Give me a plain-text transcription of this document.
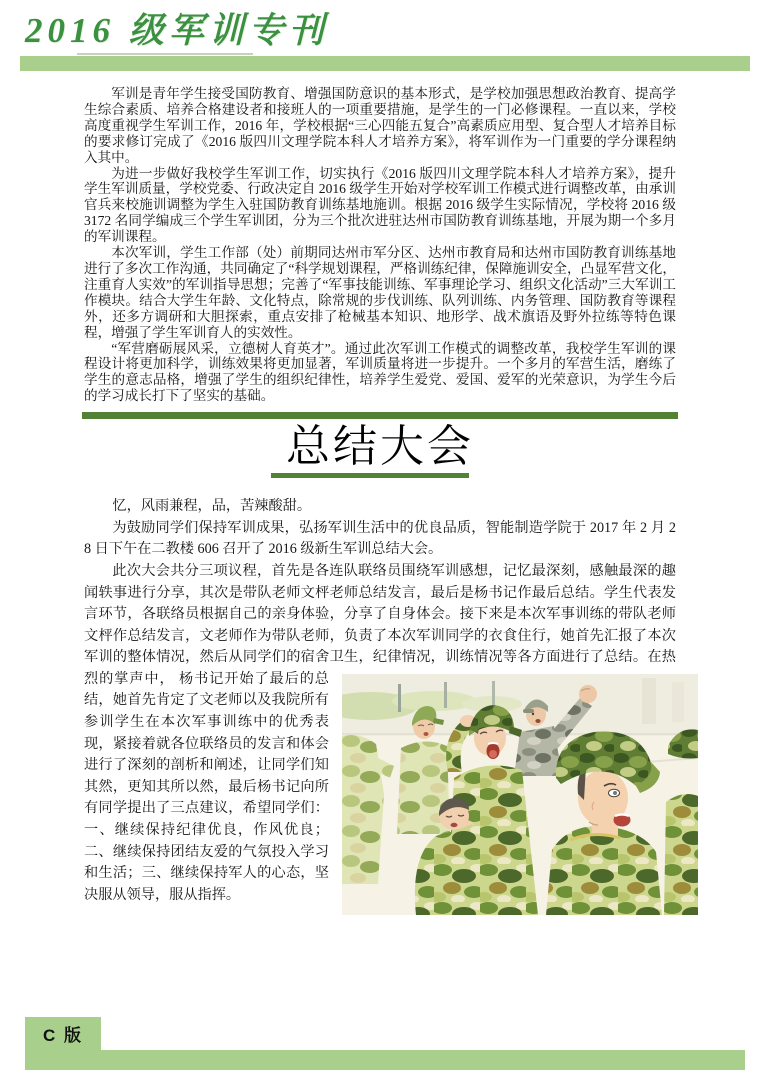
2016 级军训专刊

军训是青年学生接受国防教育、增强国防意识的基本形式，是学校加强思想政治教育、提高学生综合素质、培养合格建设者和接班人的一项重要措施，是学生的一门必修课程。一直以来，学校高度重视学生军训工作，2016 年，学校根据“三心四能五复合”高素质应用型、复合型人才培养目标的要求修订完成了《2016 版四川文理学院本科人才培养方案》，将军训作为一门重要的学分课程纳入其中。

为进一步做好我校学生军训工作，切实执行《2016 版四川文理学院本科人才培养方案》，提升学生军训质量，学校党委、行政决定自 2016 级学生开始对学校军训工作模式进行调整改革，由承训官兵来校施训调整为学生入驻国防教育训练基地施训。根据 2016 级学生实际情况，学校将 2016 级 3172 名同学编成三个学生军训团，分为三个批次进驻达州市国防教育训练基地，开展为期一个多月的军训课程。

本次军训，学生工作部（处）前期同达州市军分区、达州市教育局和达州市国防教育训练基地进行了多次工作沟通，共同确定了“科学规划课程，严格训练纪律，保障施训安全，凸显军营文化，注重育人实效”的军训指导思想；完善了“军事技能训练、军事理论学习、组织文化活动”三大军训工作模块。结合大学生年龄、文化特点，除常规的步伐训练、队列训练、内务管理、国防教育等课程外，还多方调研和大胆探索，重点安排了枪械基本知识、地形学、战术旗语及野外拉练等特色课程，增强了学生军训育人的实效性。

“军营磨砺展风采，立德树人育英才”。通过此次军训工作模式的调整改革，我校学生军训的课程设计将更加科学，训练效果将更加显著，军训质量将进一步提升。一个多月的军营生活，磨练了学生的意志品格，增强了学生的组织纪律性，培养学生爱党、爱国、爱军的光荣意识，为学生今后的学习成长打下了坚实的基础。

总结大会

忆，风雨兼程，品，苦辣酸甜。

为鼓励同学们保持军训成果，弘扬军训生活中的优良品质，智能制造学院于 2017 年 2 月 28 日下午在二教楼 606 召开了 2016 级新生军训总结大会。

此次大会共分三项议程，首先是各连队联络员围绕军训感想，记忆最深刻，感触最深的趣闻轶事进行分享，其次是带队老师文枰老师总结发言，最后是杨书记作最后总结。学生代表发言环节，各联络员根据自己的亲身体验，分享了自身体会。接下来是本次军事训练的带队老师文枰作总结发言，文老师作为带队老师，负责了本次军训同学的衣食住行，她首先汇报了本次军训的整体情况，然后从同学们的宿舍卫生，纪律情况，训练情况等各方面进行了总结。在热烈的掌声中， 杨书记开始了最后的总结，她首先肯定了文老师以及我院所有参训学生在本次军事训练中的优秀表现，紧接着就各位联络员的发言和体会进行了深刻的剖析和阐述，让同学们知其然，更知其所以然，最后杨书记向所有同学提出了三点建议，希望同学们：一、继续保持纪律优良，作风优良；二、继续保持团结友爱的气氛投入学习和生活；三、继续保持军人的心态，坚决服从领导，服从指挥。

C 版
